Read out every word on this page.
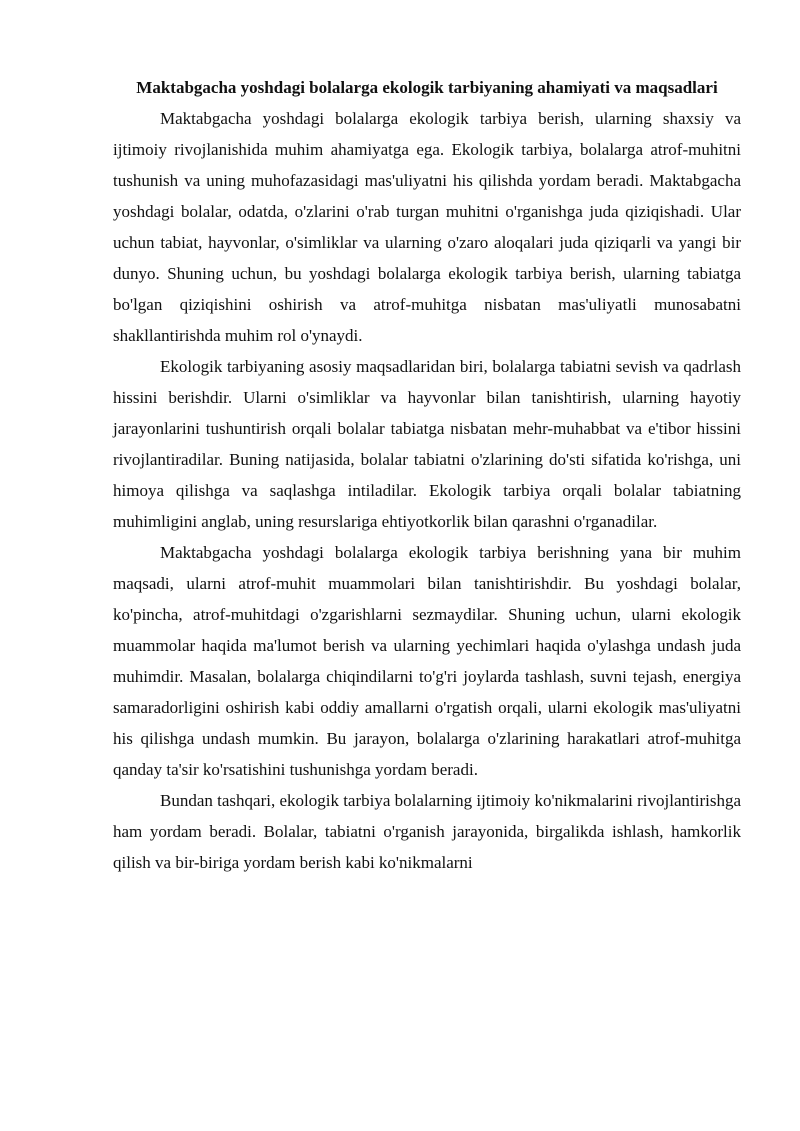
Maktabgacha yoshdagi bolalarga ekologik tarbiyaning ahamiyati va maqsadlari

Maktabgacha yoshdagi bolalarga ekologik tarbiya berish, ularning shaxsiy va ijtimoiy rivojlanishida muhim ahamiyatga ega. Ekologik tarbiya, bolalarga atrof-muhitni tushunish va uning muhofazasidagi mas'uliyatni his qilishda yordam beradi. Maktabgacha yoshdagi bolalar, odatda, o'zlarini o'rab turgan muhitni o'rganishga juda qiziqishadi. Ular uchun tabiat, hayvonlar, o'simliklar va ularning o'zaro aloqalari juda qiziqarli va yangi bir dunyo. Shuning uchun, bu yoshdagi bolalarga ekologik tarbiya berish, ularning tabiatga bo'lgan qiziqishini oshirish va atrof-muhitga nisbatan mas'uliyatli munosabatni shakllantirishda muhim rol o'ynaydi.

Ekologik tarbiyaning asosiy maqsadlaridan biri, bolalarga tabiatni sevish va qadrlash hissini berishdir. Ularni o'simliklar va hayvonlar bilan tanishtirish, ularning hayotiy jarayonlarini tushuntirish orqali bolalar tabiatga nisbatan mehr-muhabbat va e'tibor hissini rivojlantiradilar. Buning natijasida, bolalar tabiatni o'zlarining do'sti sifatida ko'rishga, uni himoya qilishga va saqlashga intiladilar. Ekologik tarbiya orqali bolalar tabiatning muhimligini anglab, uning resurslariga ehtiyotkorlik bilan qarashni o'rganadilar.

Maktabgacha yoshdagi bolalarga ekologik tarbiya berishning yana bir muhim maqsadi, ularni atrof-muhit muammolari bilan tanishtirishdir. Bu yoshdagi bolalar, ko'pincha, atrof-muhitdagi o'zgarishlarni sezmaydilar. Shuning uchun, ularni ekologik muammolar haqida ma'lumot berish va ularning yechimlari haqida o'ylashga undash juda muhimdir. Masalan, bolalarga chiqindilarni to'g'ri joylarda tashlash, suvni tejash, energiya samaradorligini oshirish kabi oddiy amallarni o'rgatish orqali, ularni ekologik mas'uliyatni his qilishga undash mumkin. Bu jarayon, bolalarga o'zlarining harakatlari atrof-muhitga qanday ta'sir ko'rsatishini tushunishga yordam beradi.

Bundan tashqari, ekologik tarbiya bolalarning ijtimoiy ko'nikmalarini rivojlantirishga ham yordam beradi. Bolalar, tabiatni o'rganish jarayonida, birgalikda ishlash, hamkorlik qilish va bir-biriga yordam berish kabi ko'nikmalarni
